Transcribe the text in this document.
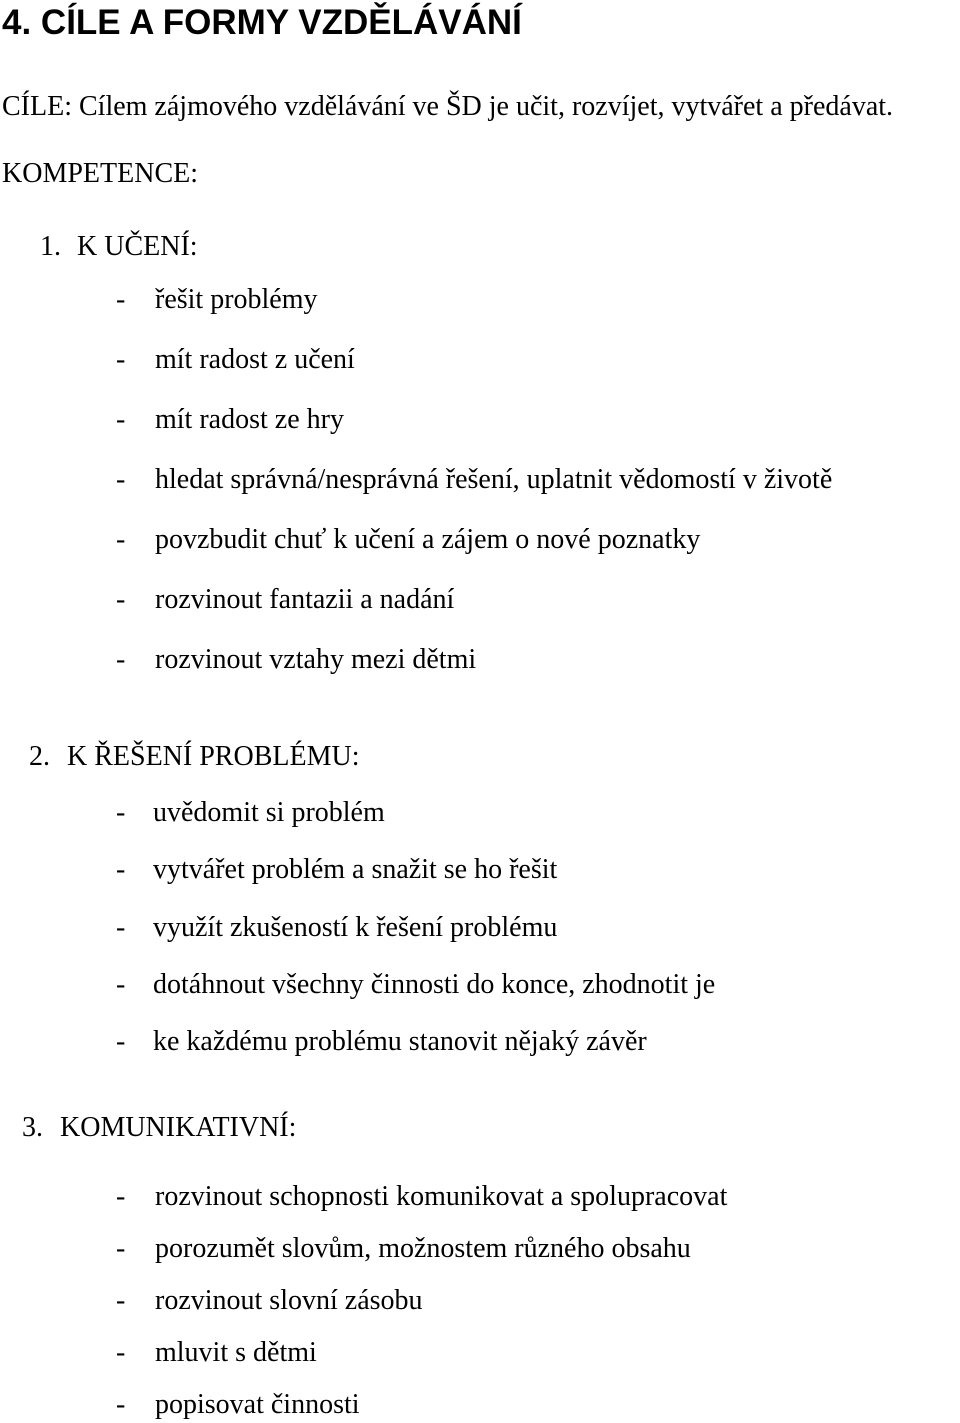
4. CÍLE A FORMY VZDĚLÁVÁNÍ
CÍLE: Cílem zájmového vzdělávání ve ŠD je učit, rozvíjet, vytvářet a předávat.
KOMPETENCE:
1. K UČENÍ:
- řešit problémy
- mít radost z učení
- mít radost ze hry
- hledat správná/nesprávná řešení, uplatnit vědomostí v životě
- povzbudit chuť k učení a zájem o nové poznatky
- rozvinout fantazii a nadání
- rozvinout vztahy mezi dětmi
2. K ŘEŠENÍ PROBLÉMU:
- uvědomit si problém
- vytvářet problém a snažit se ho řešit
- využít zkušeností k řešení problému
- dotáhnout všechny činnosti do konce, zhodnotit je
- ke každému problému stanovit nějaký závěr
3. KOMUNIKATIVNÍ:
- rozvinout schopnosti komunikovat a spolupracovat
- porozumět slovům, možnostem různého obsahu
- rozvinout slovní zásobu
- mluvit s dětmi
- popisovat činnosti
